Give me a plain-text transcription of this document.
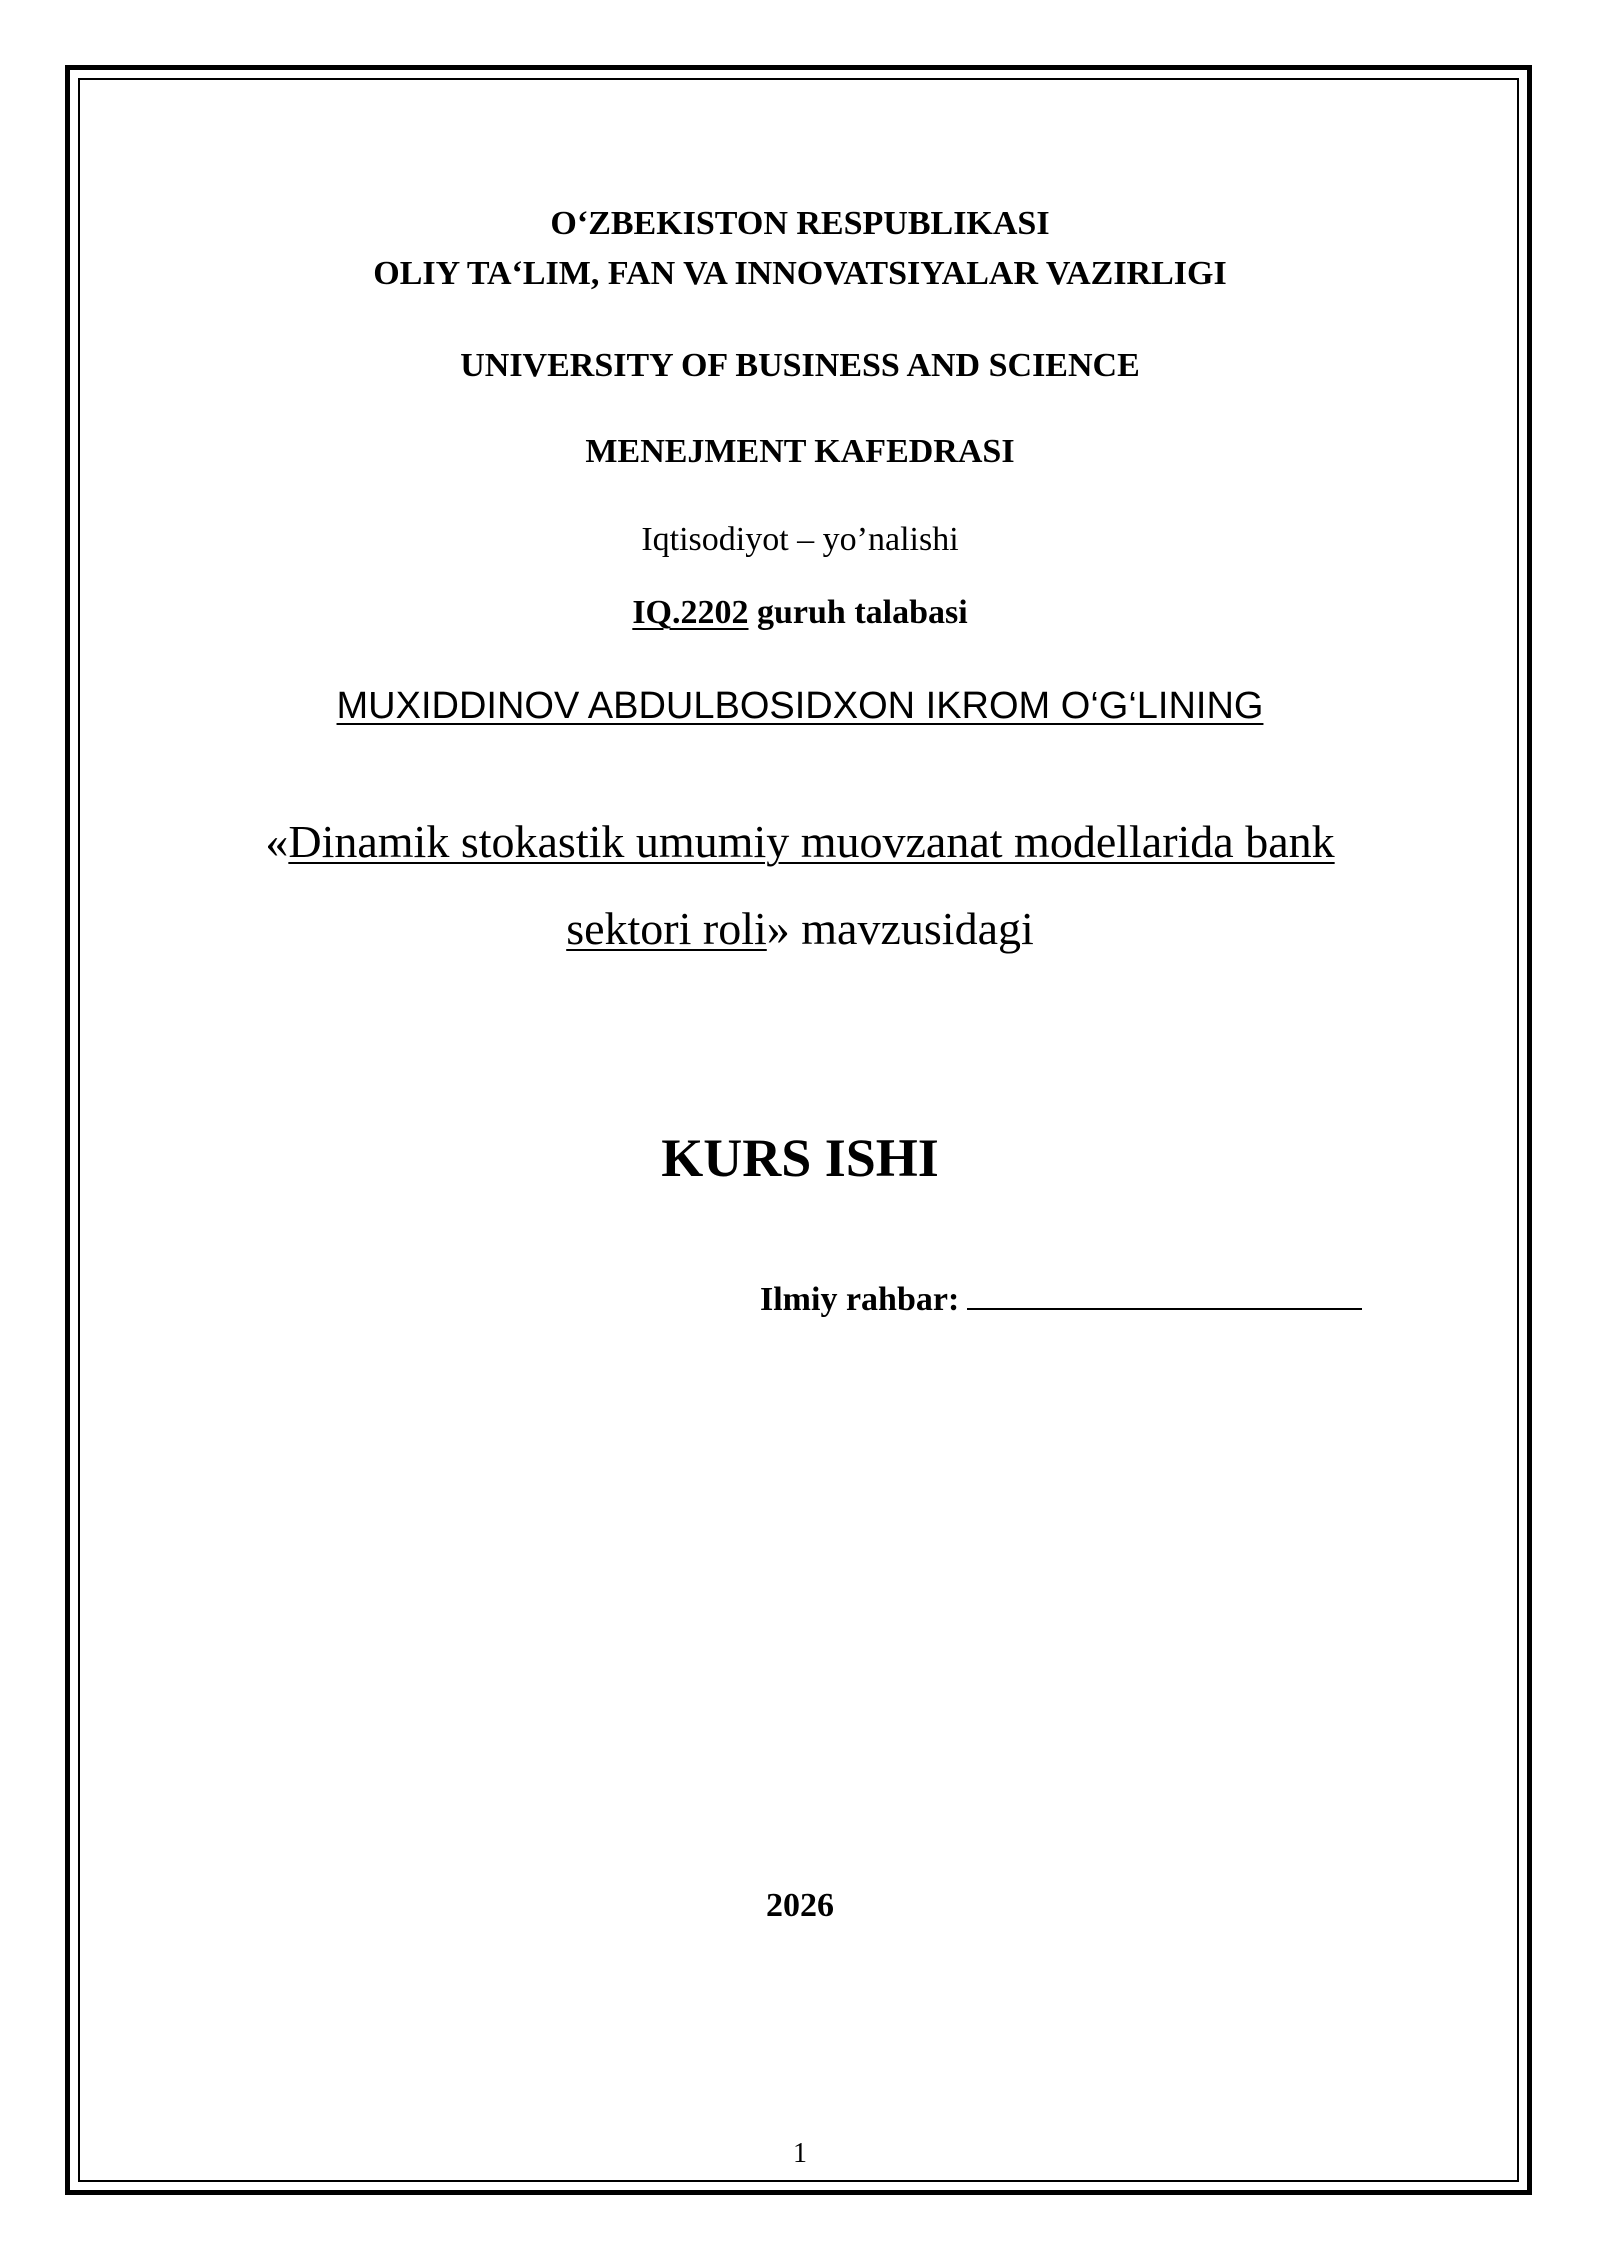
O‘ZBEKISTON RESPUBLIKASI
OLIY TA‘LIM, FAN VA INNOVATSIYALAR VAZIRLIGI
UNIVERSITY OF BUSINESS AND SCIENCE
MENEJMENT KAFEDRASI
Iqtisodiyot – yo’nalishi
IQ.2202 guruh talabasi
MUXIDDINOV ABDULBOSIDXON IKROM O‘G‘LINING
«Dinamik stokastik umumiy muovzanat modellarida bank
sektori roli» mavzusidagi
KURS ISHI
Ilmiy rahbar:
2026
1
